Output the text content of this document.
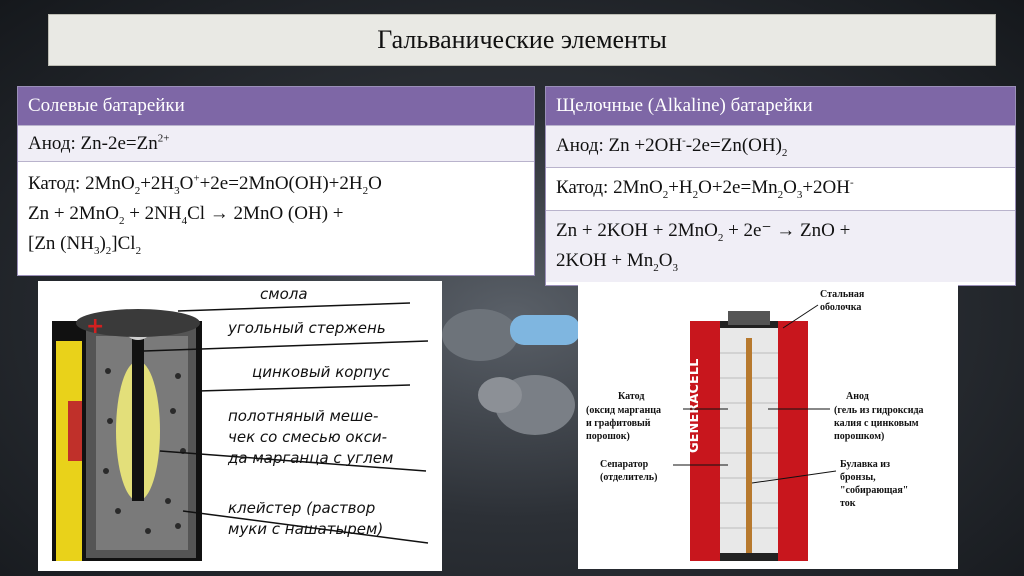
Гальванические элементы
Солевые батарейки
Анод: $Zn-2e=Zn^{2+}$
Катод: $2MnO_2+2H_3O^++2e=2MnO(OH)+2H_2O$
$Zn + 2MnO_2 + 2NH_4Cl \to 2MnO$ (OH) +
[Zn $(NH_3)_2]Cl_2$
Щелочные (Alkaline) батарейки
Анод: $Zn +2OH^--2e=Zn(OH)_2$
Катод: $2MnO_2+H_2O+2e=Mn_2O_3+2OH^-$
Zn + 2KOH + 2MnO$_2$ + 2e⁻ → ZnO +
$2KOH + Mn_2O_3$
+
смола
угольный стержень
цинковый корпус
полотняный меше-
чек со смесью окси-
да марганца с углем
клейстер (раствор
муки с нашатырем)
GENERACELL
Стальная
оболочка
Катод
(оксид марганца
и графитовый
порошок)
Анод
(гель из гидроксида
калия с цинковым
порошком)
Сепаратор
(отделитель)
Булавка из
бронзы,
"собирающая"
ток
